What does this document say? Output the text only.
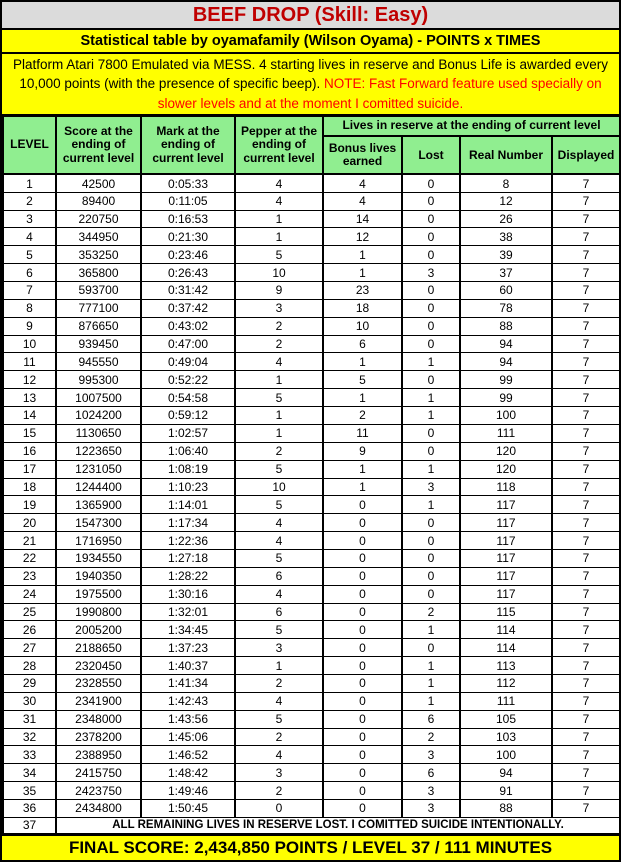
BEEF DROP (Skill: Easy)
Statistical table by oyamafamily (Wilson Oyama) - POINTS x TIMES
Platform Atari 7800 Emulated via MESS. 4 starting lives in reserve and Bonus Life is awarded every 10,000 points (with the presence of specific beep). NOTE: Fast Forward feature used specially on slower levels and at the moment I comitted suicide.
LEVEL	Score at the ending of current level	Mark at the ending of current level	Pepper at the ending of current level	Lives in reserve at the ending of current level			
				Bonus lives earned	Lost	Real Number	Displayed
1	42500	0:05:33	4	4	0	8	7
2	89400	0:11:05	4	4	0	12	7
3	220750	0:16:53	1	14	0	26	7
4	344950	0:21:30	1	12	0	38	7
5	353250	0:23:46	5	1	0	39	7
6	365800	0:26:43	10	1	3	37	7
7	593700	0:31:42	9	23	0	60	7
8	777100	0:37:42	3	18	0	78	7
9	876650	0:43:02	2	10	0	88	7
10	939450	0:47:00	2	6	0	94	7
11	945550	0:49:04	4	1	1	94	7
12	995300	0:52:22	1	5	0	99	7
13	1007500	0:54:58	5	1	1	99	7
14	1024200	0:59:12	1	2	1	100	7
15	1130650	1:02:57	1	11	0	111	7
16	1223650	1:06:40	2	9	0	120	7
17	1231050	1:08:19	5	1	1	120	7
18	1244400	1:10:23	10	1	3	118	7
19	1365900	1:14:01	5	0	1	117	7
20	1547300	1:17:34	4	0	0	117	7
21	1716950	1:22:36	4	0	0	117	7
22	1934550	1:27:18	5	0	0	117	7
23	1940350	1:28:22	6	0	0	117	7
24	1975500	1:30:16	4	0	0	117	7
25	1990800	1:32:01	6	0	2	115	7
26	2005200	1:34:45	5	0	1	114	7
27	2188650	1:37:23	3	0	0	114	7
28	2320450	1:40:37	1	0	1	113	7
29	2328550	1:41:34	2	0	1	112	7
30	2341900	1:42:43	4	0	1	111	7
31	2348000	1:43:56	5	0	6	105	7
32	2378200	1:45:06	2	0	2	103	7
33	2388950	1:46:52	4	0	3	100	7
34	2415750	1:48:42	3	0	6	94	7
35	2423750	1:49:46	2	0	3	91	7
36	2434800	1:50:45	0	0	3	88	7
37	ALL REMAINING LIVES IN RESERVE LOST. I COMITTED SUICIDE INTENTIONALLY.						
FINAL SCORE: 2,434,850 POINTS / LEVEL 37 / 111 MINUTES
